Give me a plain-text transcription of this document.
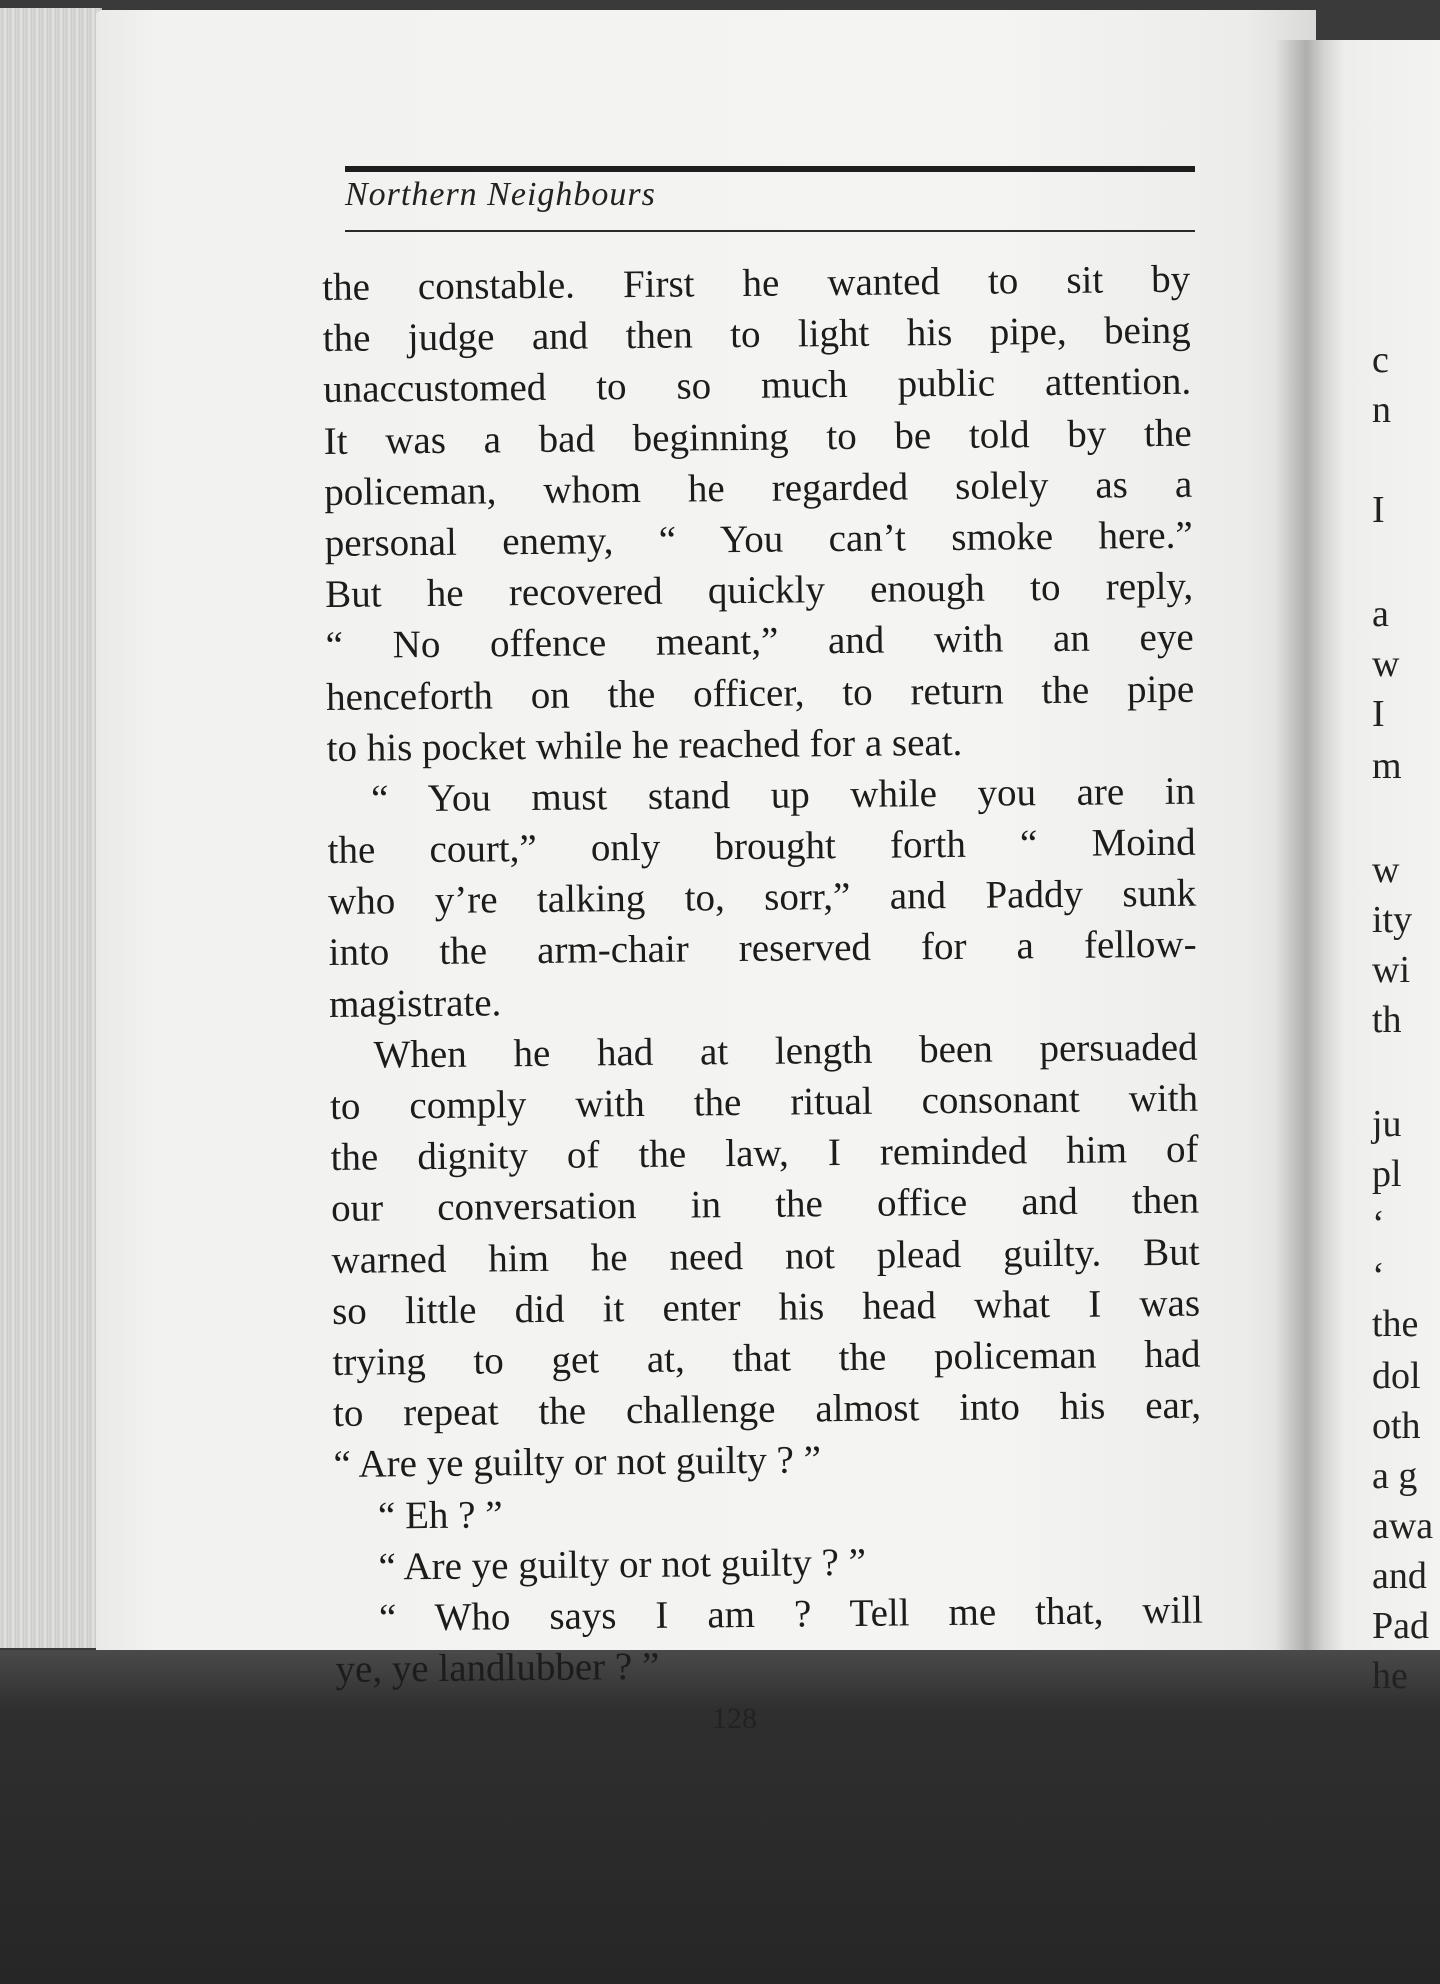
Northern Neighbours
the constable. First he wanted to sit by
the judge and then to light his pipe, being
unaccustomed to so much public attention.
It was a bad beginning to be told by the
policeman, whom he regarded solely as a
personal enemy, “ You can’t smoke here.”
But he recovered quickly enough to reply,
“ No offence meant,” and with an eye
henceforth on the officer, to return the pipe
to his pocket while he reached for a seat.
“ You must stand up while you are in
the court,” only brought forth “ Moind
who y’re talking to, sorr,” and Paddy sunk
into the arm-chair reserved for a fellow-
magistrate.
When he had at length been persuaded
to comply with the ritual consonant with
the dignity of the law, I reminded him of
our conversation in the office and then
warned him he need not plead guilty. But
so little did it enter his head what I was
trying to get at, that the policeman had
to repeat the challenge almost into his ear,
“ Are ye guilty or not guilty ? ”
“ Eh ? ”
“ Are ye guilty or not guilty ? ”
“ Who says I am ? Tell me that, will
ye, ye landlubber ? ”
128
c
n
I
a
w
I
m
w
ity
wi
th
ju
pl
‘
‘
the
dol
oth
a g
awa
and
Pad
he
